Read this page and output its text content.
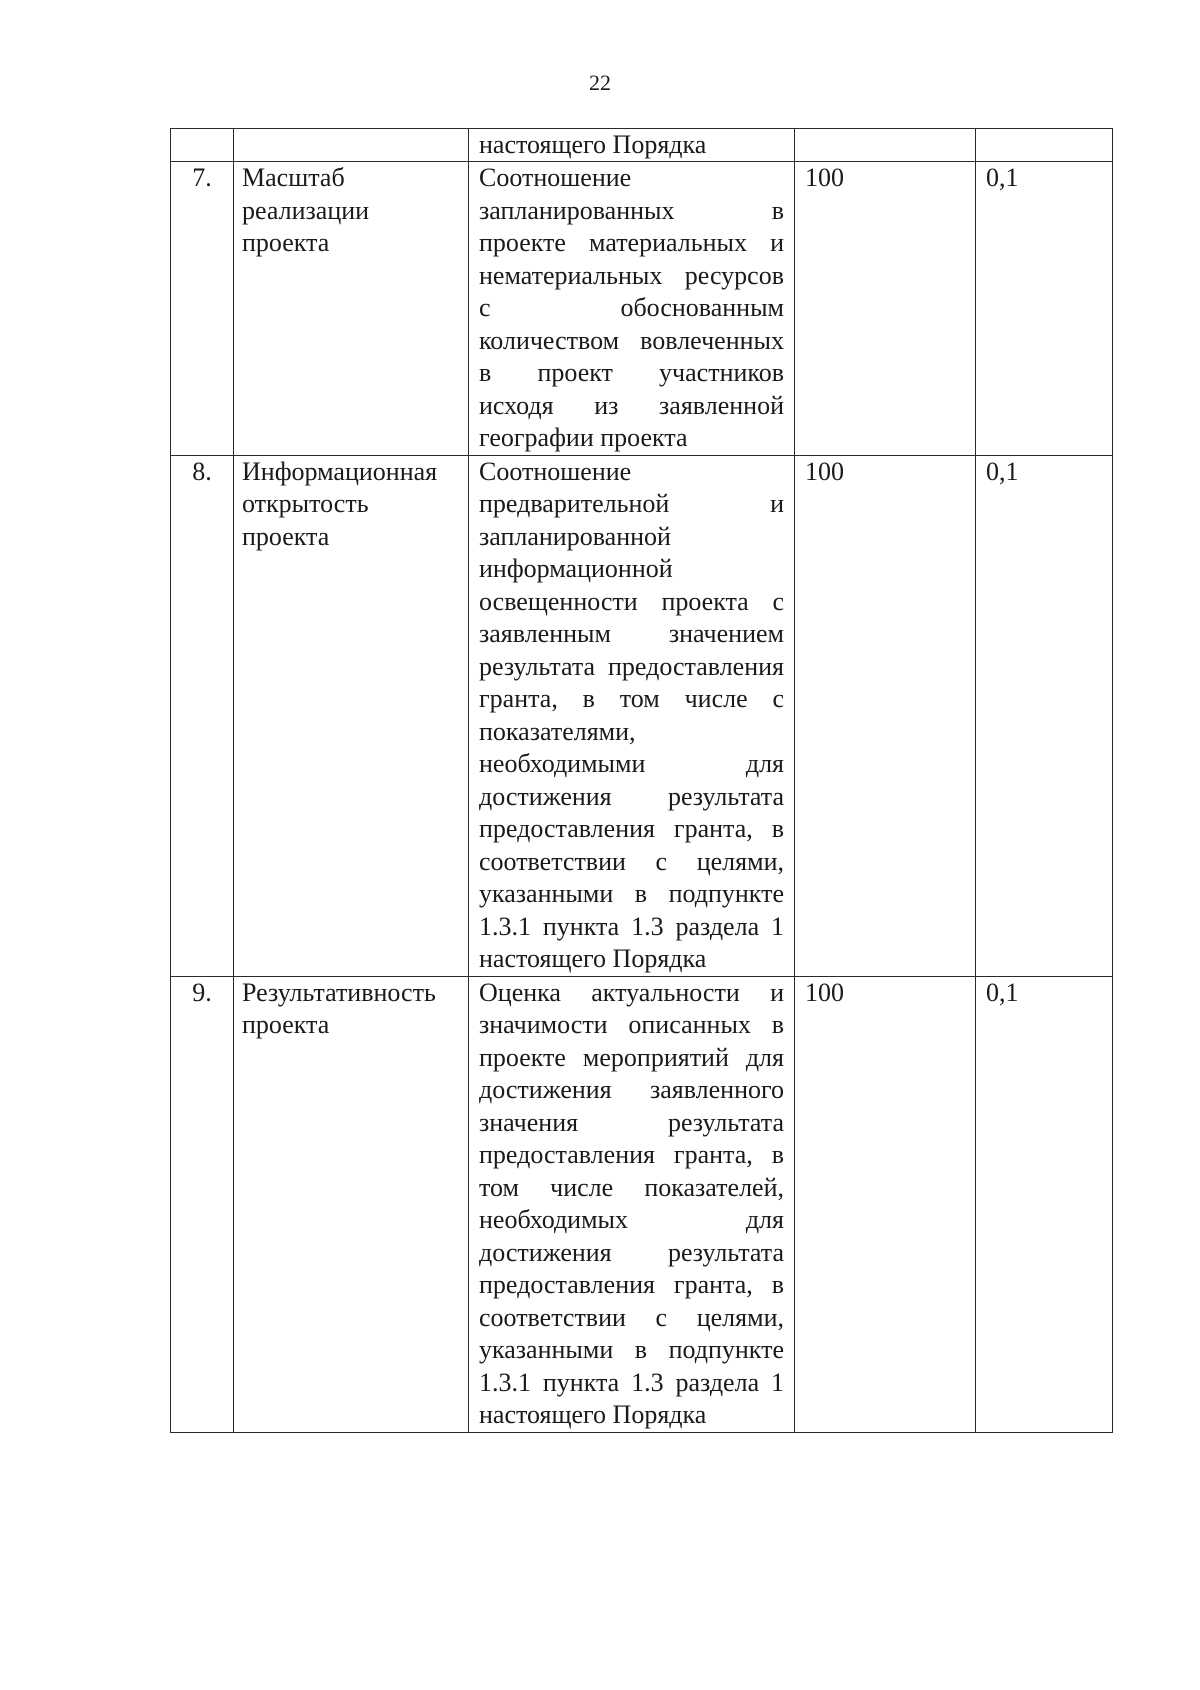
22
		настоящего Порядка		
7.	Масштаб реализации проекта	Соотношение запланированных в проекте материальных и нематериальных ресурсов с обоснованным количеством вовлеченных в проект участников исходя из заявленной географии проекта	100	0,1
8.	Информационная открытость проекта	Соотношение предварительной и запланированной информационной освещенности проекта с заявленным значением результата предоставления гранта, в том числе с показателями, необходимыми для достижения результата предоставления гранта, в соответствии с целями, указанными в подпункте 1.3.1 пункта 1.3 раздела 1 настоящего Порядка	100	0,1
9.	Результативность проекта	Оценка актуальности и значимости описанных в проекте мероприятий для достижения заявленного значения результата предоставления гранта, в том числе показателей, необходимых для достижения результата предоставления гранта, в соответствии с целями, указанными в подпункте 1.3.1 пункта 1.3 раздела 1 настоящего Порядка	100	0,1
